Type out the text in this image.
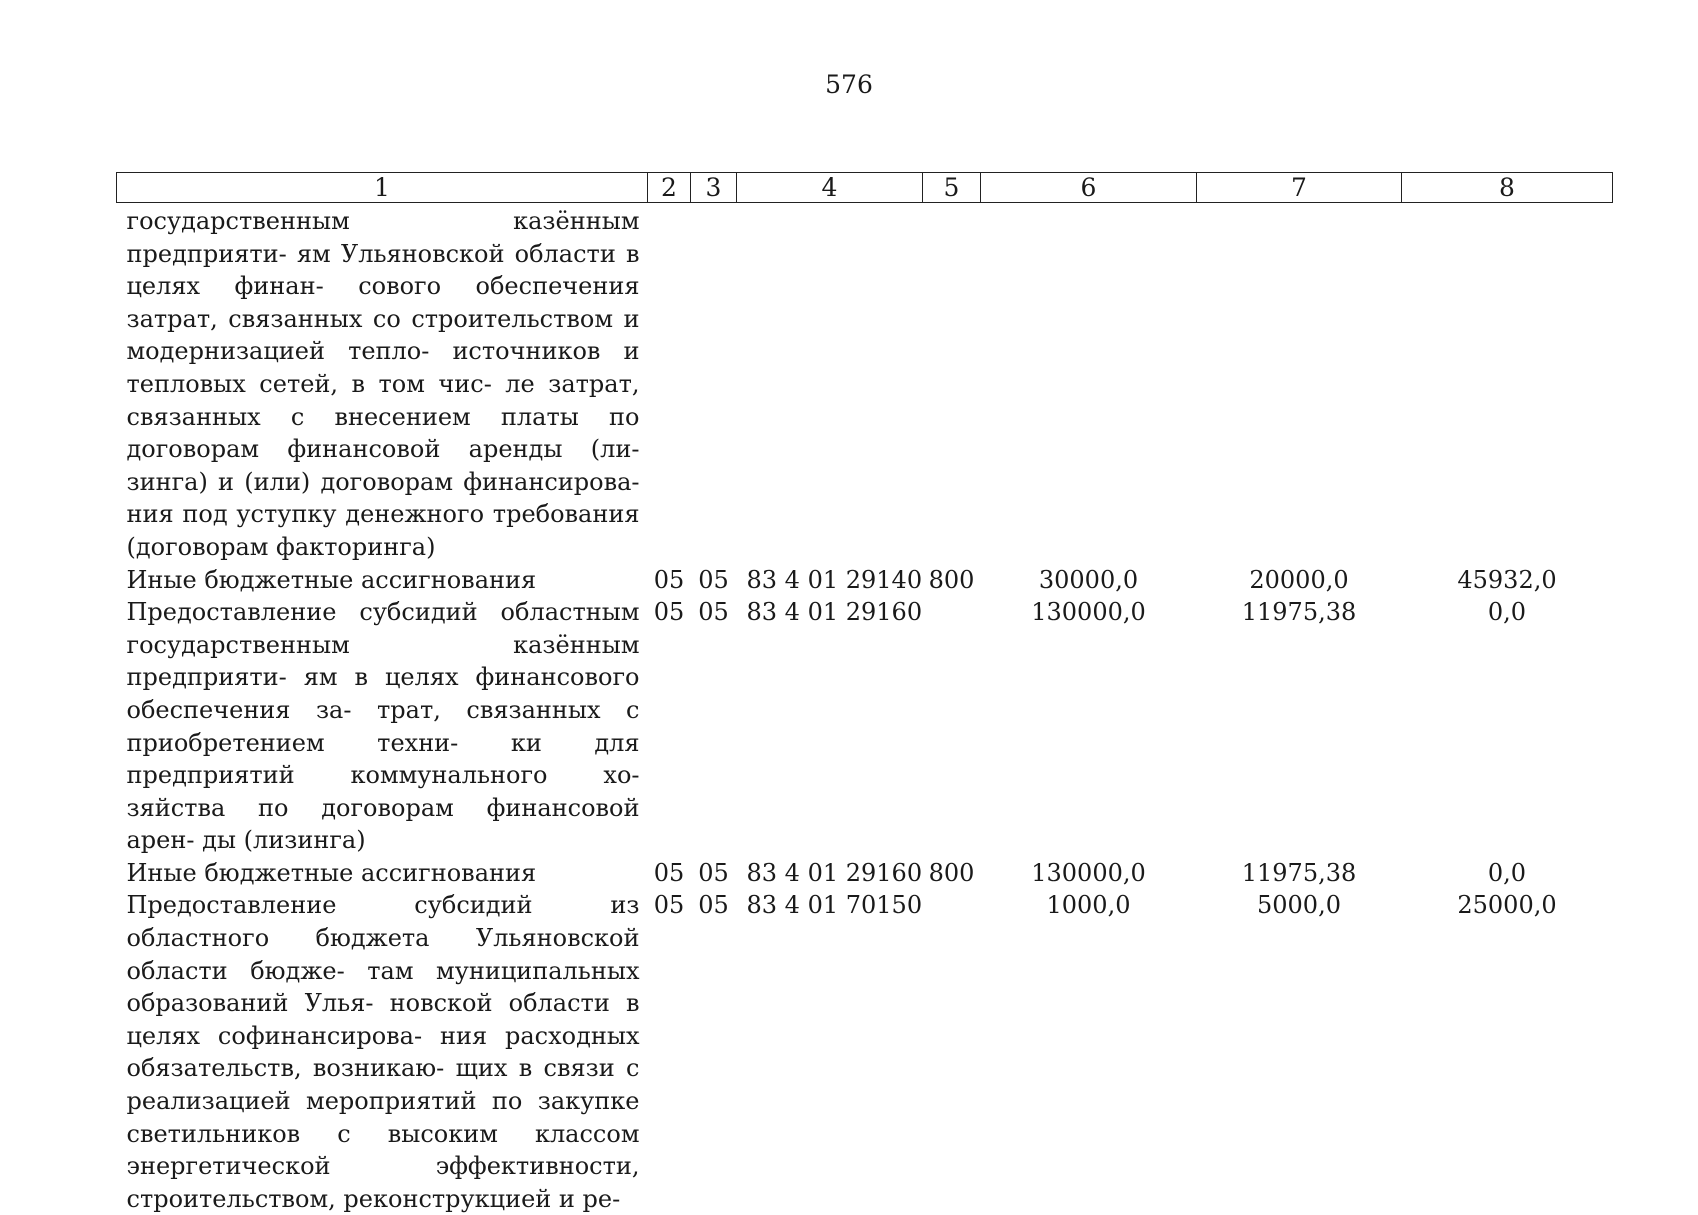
576
1	2	3	4	5	6	7	8

государственным казённым предприяти- ям Ульяновской области в целях финан- сового обеспечения затрат, связанных со строительством и модернизацией тепло- источников и тепловых сетей, в том чис- ле затрат, связанных с внесением платы по договорам финансовой аренды (ли- зинга) и (или) договорам финансирова- ния под уступку денежного требования (договорам факторинга)							
Иные бюджетные ассигнования	05	05	83 4 01 29140	800	30000,0	20000,0	45932,0
Предоставление субсидий областным государственным казённым предприяти- ям в целях финансового обеспечения за- трат, связанных с приобретением техни- ки для предприятий коммунального хо- зяйства по договорам финансовой арен- ды (лизинга)	05	05	83 4 01 29160		130000,0	11975,38	0,0
Иные бюджетные ассигнования	05	05	83 4 01 29160	800	130000,0	11975,38	0,0
Предоставление субсидий из областного бюджета Ульяновской области бюдже- там муниципальных образований Улья- новской области в целях софинансирова- ния расходных обязательств, возникаю- щих в связи с реализацией мероприятий по закупке светильников с высоким классом энергетической эффективности, строительством, реконструкцией и ре-	05	05	83 4 01 70150		1000,0	5000,0	25000,0
